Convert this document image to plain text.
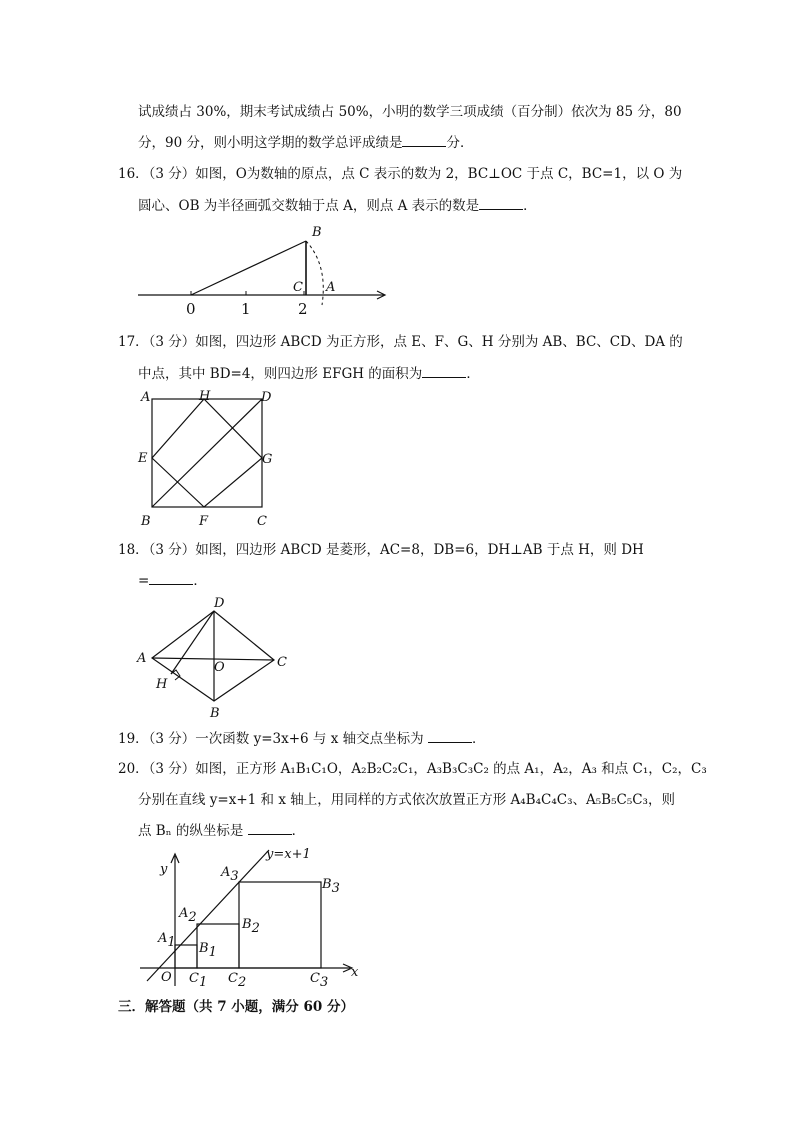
试成绩占 30%，期末考试成绩占 50%，小明的数学三项成绩（百分制）依次为 85 分，80
分，90 分，则小明这学期的数学总评成绩是	分．
16．（3 分）如图，O为数轴的原点，点 C 表示的数为 2，BC⊥OC 于点 C，BC=1，以 O 为
圆心、OB 为半径画弧交数轴于点 A，则点 A 表示的数是	．
B
C A
0	1	2
17．（3 分）如图，四边形 ABCD 为正方形，点 E、F、G、H 分别为 AB、BC、CD、DA 的
中点，其中 BD=4，则四边形 EFGH 的面积为	．
A	H	D
E	G
B	F	C
18．（3 分）如图，四边形 ABCD 是菱形，AC=8，DB=6，DH⊥AB 于点 H，则 DH
=	．
D
A
O	C
H
B
19．（3 分）一次函数 y=3x+6 与 x 轴交点坐标为	．
20．（3 分）如图，正方形 A₁B₁C₁O，A₂B₂C₂C₁，A₃B₃C₃C₂ 的点 A₁，A₂，A₃ 和点 C₁，C₂，C₃
分别在直线 y=x+1 和 x 轴上，用同样的方式依次放置正方形 A₄B₄C₄C₃、A₅B₅C₅C₃，则
点 Bₙ 的纵坐标是	．
y=x+1
y
x
O
A1 B1
C1
A2	B2
C2
A3
B3
C3
三．解答题（共 7 小题，满分 60 分）
